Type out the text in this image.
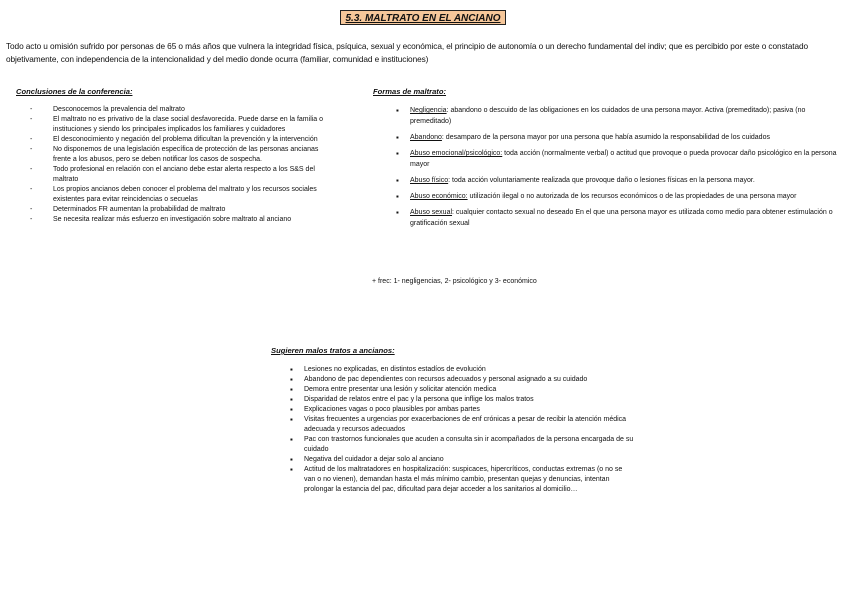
5.3. MALTRATO EN EL ANCIANO
Todo acto u omisión sufrido por personas de 65 o más años que vulnera la integridad física, psíquica, sexual y económica, el principio de autonomía o un derecho fundamental del indiv; que es percibido por este o constatado objetivamente, con independencia de la intencionalidad y del medio donde ocurra (familiar, comunidad e instituciones)
Conclusiones de la conferencia:
- Desconocemos la prevalencia del maltrato
- El maltrato no es privativo de la clase social desfavorecida. Puede darse en la familia o instituciones y siendo los principales implicados los familiares y cuidadores
- El desconocimiento y negación del problema dificultan la prevención y la intervención
- No disponemos de una legislación específica de protección de las personas ancianas frente a los abusos, pero se deben notificar los casos de sospecha.
- Todo profesional en relación con el anciano debe estar alerta respecto a los S&S del maltrato
- Los propios ancianos deben conocer el problema del maltrato y los recursos sociales existentes para evitar reincidencias o secuelas
- Determinados FR aumentan la probabilidad de maltrato
- Se necesita realizar más esfuerzo en investigación sobre maltrato al anciano
Formas de maltrato:
▪ Negligencia: abandono o descuido de las obligaciones en los cuidados de una persona mayor. Activa (premeditado); pasiva (no premeditado)
▪ Abandono: desamparo de la persona mayor por una persona que había asumido la responsabilidad de los cuidados
▪ Abuso emocional/psicológico: toda acción (normalmente verbal) o actitud que provoque o pueda provocar daño psicológico en la persona mayor
▪ Abuso físico: toda acción voluntariamente realizada que provoque daño o lesiones físicas en la persona mayor.
▪ Abuso económico: utilización ilegal o no autorizada de los recursos económicos o de las propiedades de una persona mayor
▪ Abuso sexual: cualquier contacto sexual no deseado En el que una persona mayor es utilizada como medio para obtener estimulación o gratificación sexual
+ frec: 1- negligencias, 2- psicológico y 3- económico
Sugieren malos tratos a ancianos:
▪ Lesiones no explicadas, en distintos estadíos de evolución
▪ Abandono de pac dependientes con recursos adecuados y personal asignado a su cuidado
▪ Demora entre presentar una lesión y solicitar atención medica
▪ Disparidad de relatos entre el pac y la persona que inflige los malos tratos
▪ Explicaciones vagas o poco plausibles por ambas partes
▪ Visitas frecuentes a urgencias por exacerbaciones de enf crónicas a pesar de recibir la atención médica adecuada y recursos adecuados
▪ Pac con trastornos funcionales que acuden a consulta sin ir acompañados de la persona encargada de su cuidado
▪ Negativa del cuidador a dejar solo al anciano
▪ Actitud de los maltratadores en hospitalización: suspicaces, hipercríticos, conductas extremas (o no se van o no vienen), demandan hasta el más mínimo cambio, presentan quejas y denuncias, intentan prolongar la estancia del pac, dificultad para dejar acceder a los sanitarios al domicilio…
